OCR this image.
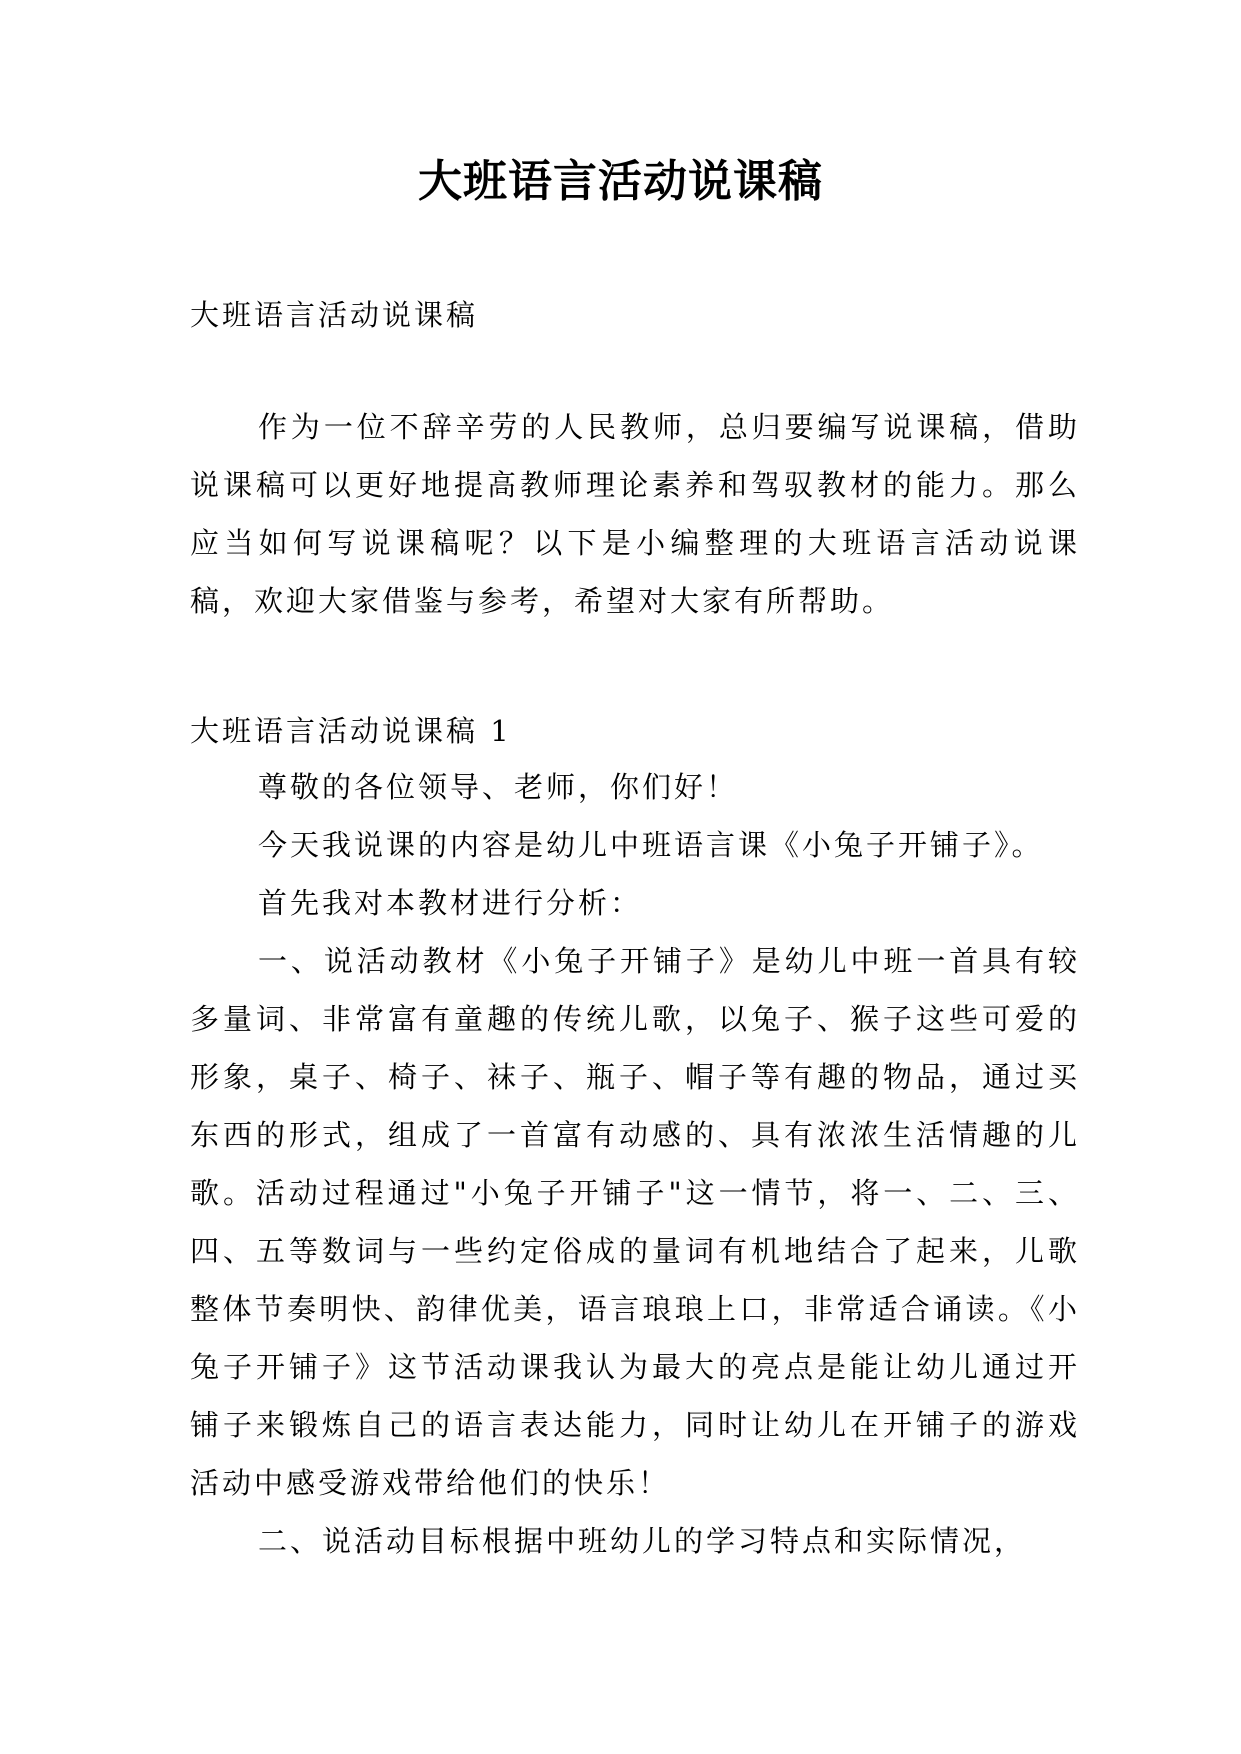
大班语言活动说课稿

大班语言活动说课稿

作为一位不辞辛劳的人民教师，总归要编写说课稿，借助说课稿可以更好地提高教师理论素养和驾驭教材的能力。那么应当如何写说课稿呢？以下是小编整理的大班语言活动说课稿，欢迎大家借鉴与参考，希望对大家有所帮助。

大班语言活动说课稿 1

尊敬的各位领导、老师，你们好！

今天我说课的内容是幼儿中班语言课《小兔子开铺子》。

首先我对本教材进行分析：

一、说活动教材《小兔子开铺子》是幼儿中班一首具有较多量词、非常富有童趣的传统儿歌，以兔子、猴子这些可爱的形象，桌子、椅子、袜子、瓶子、帽子等有趣的物品，通过买东西的形式，组成了一首富有动感的、具有浓浓生活情趣的儿歌。活动过程通过"小兔子开铺子"这一情节，将一、二、三、四、五等数词与一些约定俗成的量词有机地结合了起来，儿歌整体节奏明快、韵律优美，语言琅琅上口，非常适合诵读。《小兔子开铺子》这节活动课我认为最大的亮点是能让幼儿通过开铺子来锻炼自己的语言表达能力，同时让幼儿在开铺子的游戏活动中感受游戏带给他们的快乐！

二、说活动目标根据中班幼儿的学习特点和实际情况，
